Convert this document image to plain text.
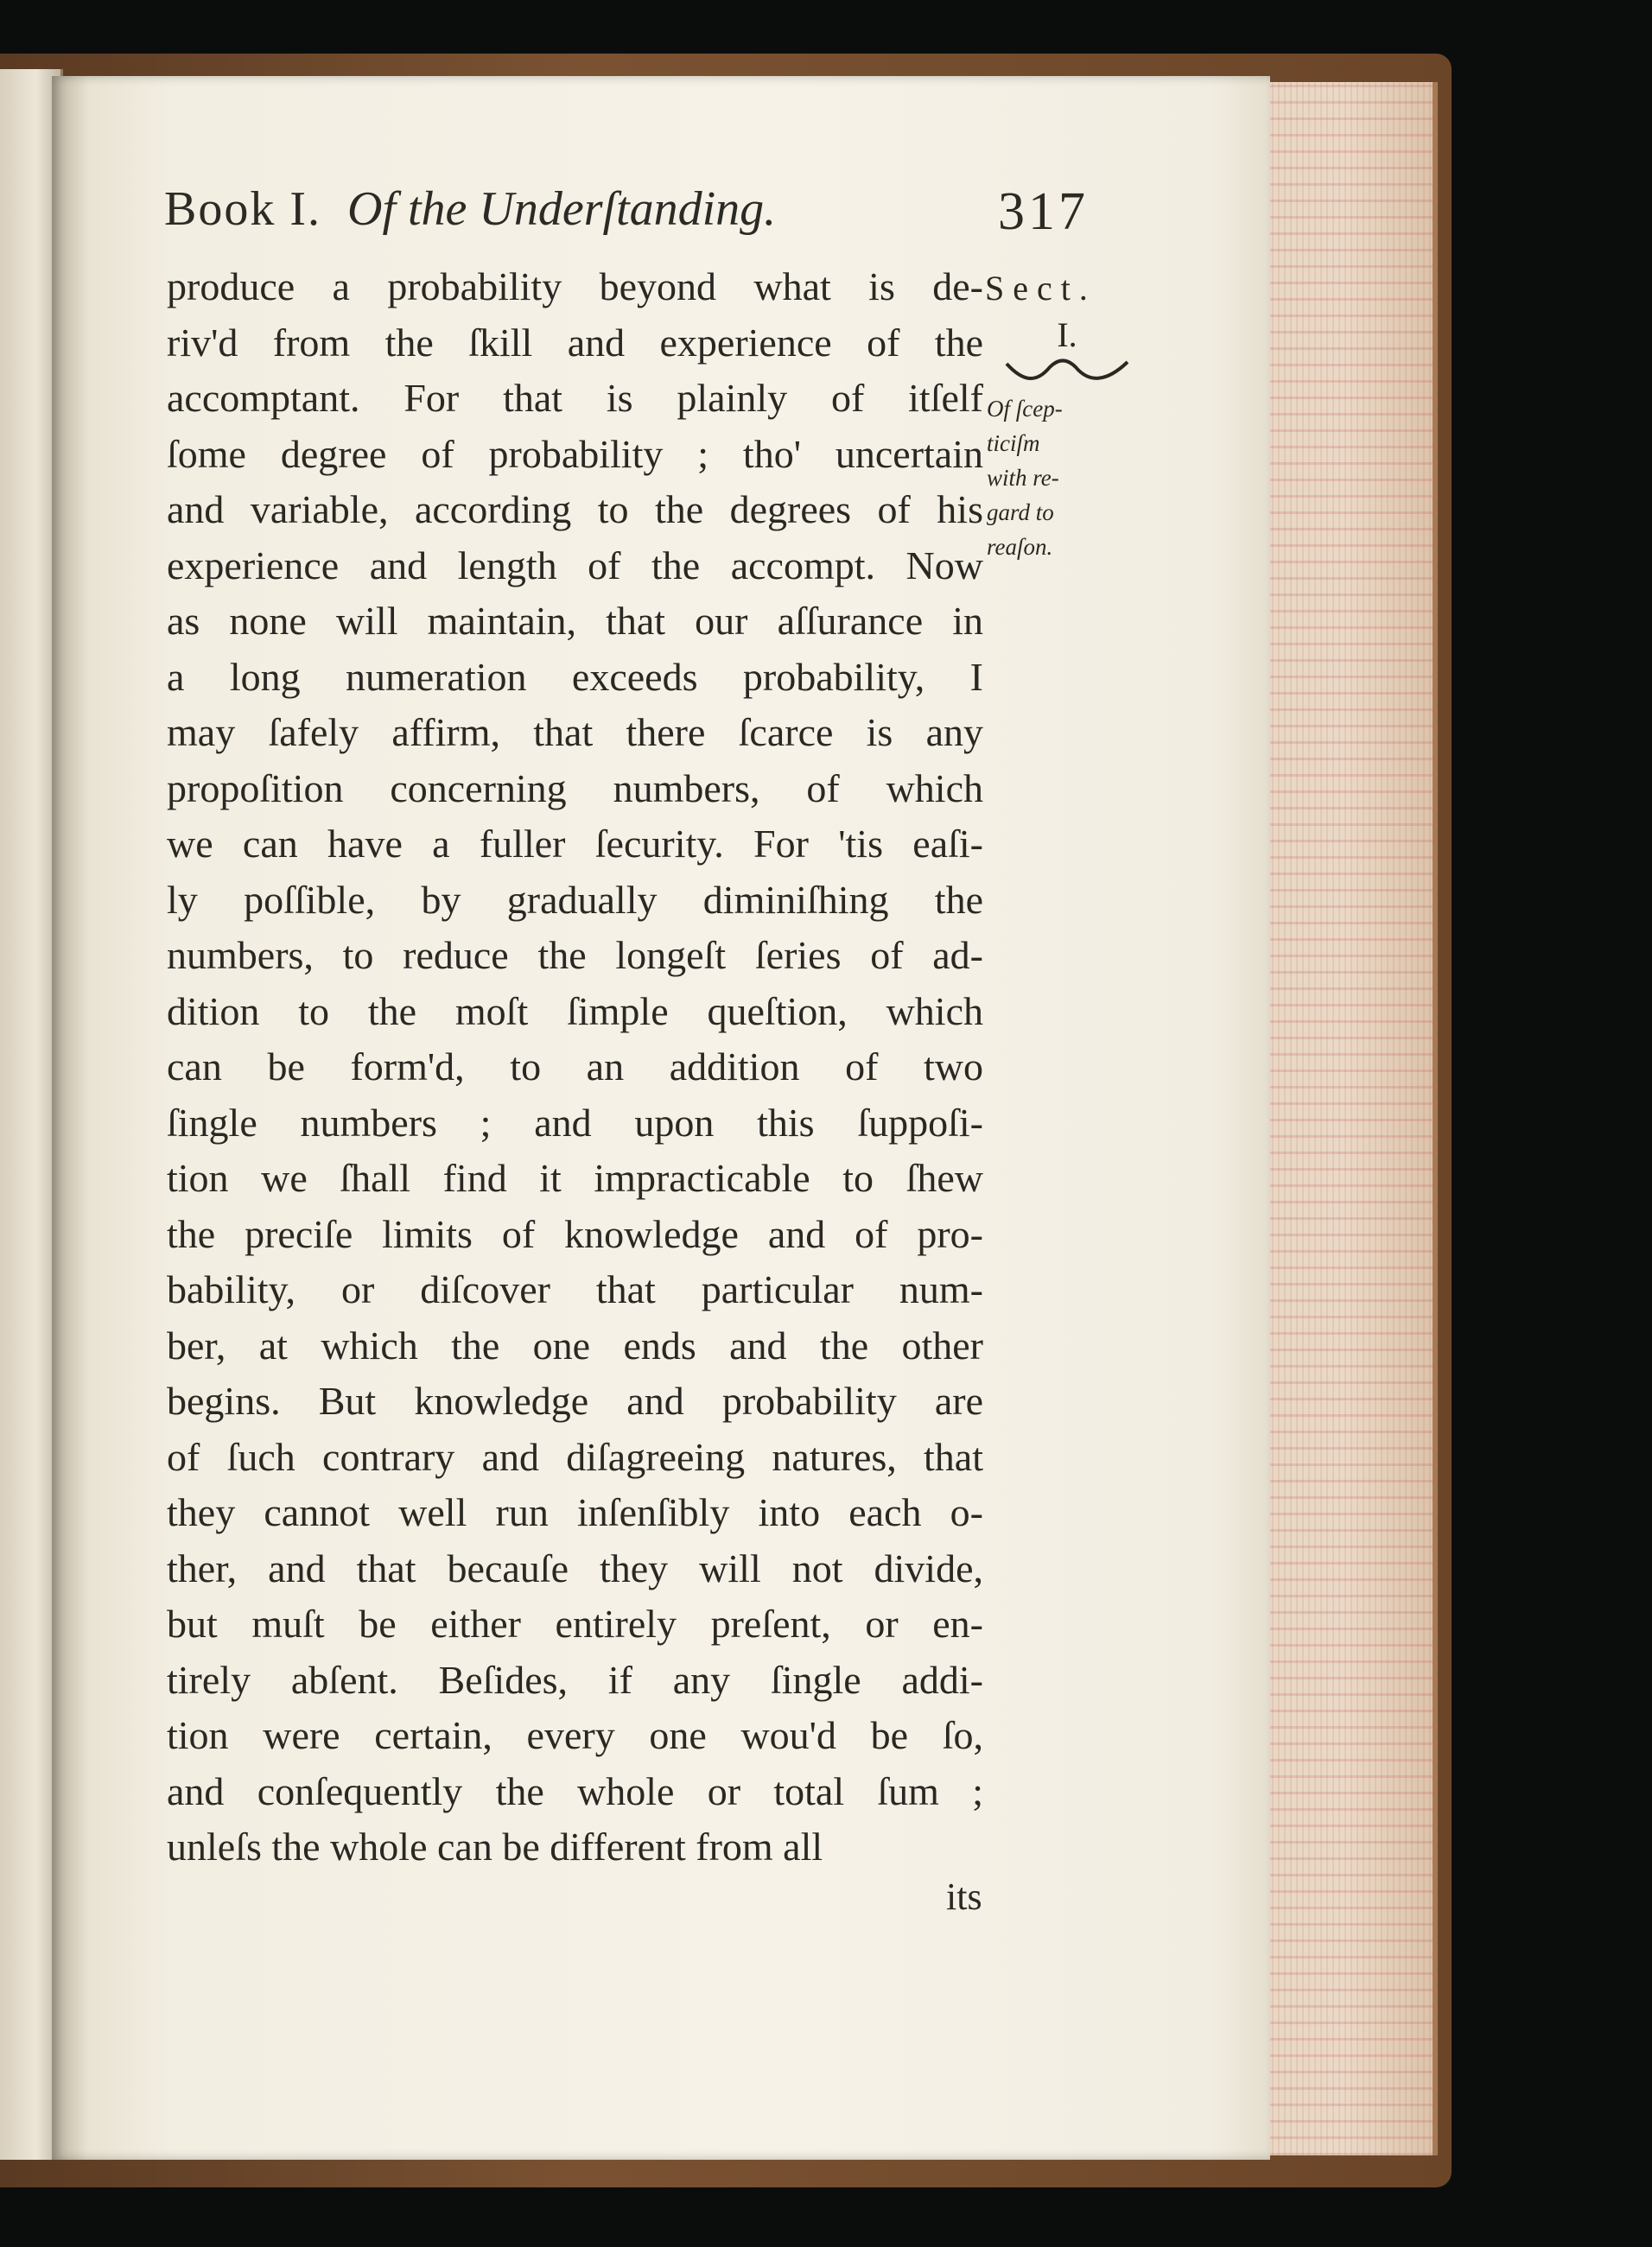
Book I. Of the Underſtanding.	317
produce a probability beyond what is de-
riv'd from the ſkill and experience of the
accomptant. For that is plainly of itſelf
ſome degree of probability ; tho' uncertain
and variable, according to the degrees of his
experience and length of the accompt. Now
as none will maintain, that our aſſurance in
a long numeration exceeds probability, I
may ſafely affirm, that there ſcarce is any
propoſition concerning numbers, of which
we can have a fuller ſecurity. For 'tis eaſi-
ly poſſible, by gradually diminiſhing the
numbers, to reduce the longeſt ſeries of ad-
dition to the moſt ſimple queſtion, which
can be form'd, to an addition of two
ſingle numbers ; and upon this ſuppoſi-
tion we ſhall find it impracticable to ſhew
the preciſe limits of knowledge and of pro-
bability, or diſcover that particular num-
ber, at which the one ends and the other
begins. But knowledge and probability are
of ſuch contrary and diſagreeing natures, that
they cannot well run inſenſibly into each o-
ther, and that becauſe they will not divide,
but muſt be either entirely preſent, or en-
tirely abſent. Beſides, if any ſingle addi-
tion were certain, every one wou'd be ſo,
and conſequently the whole or total ſum ;
unleſs the whole can be different from all
its
Sect.
I.
Of ſcep-
ticiſm
with re-
gard to
reaſon.
